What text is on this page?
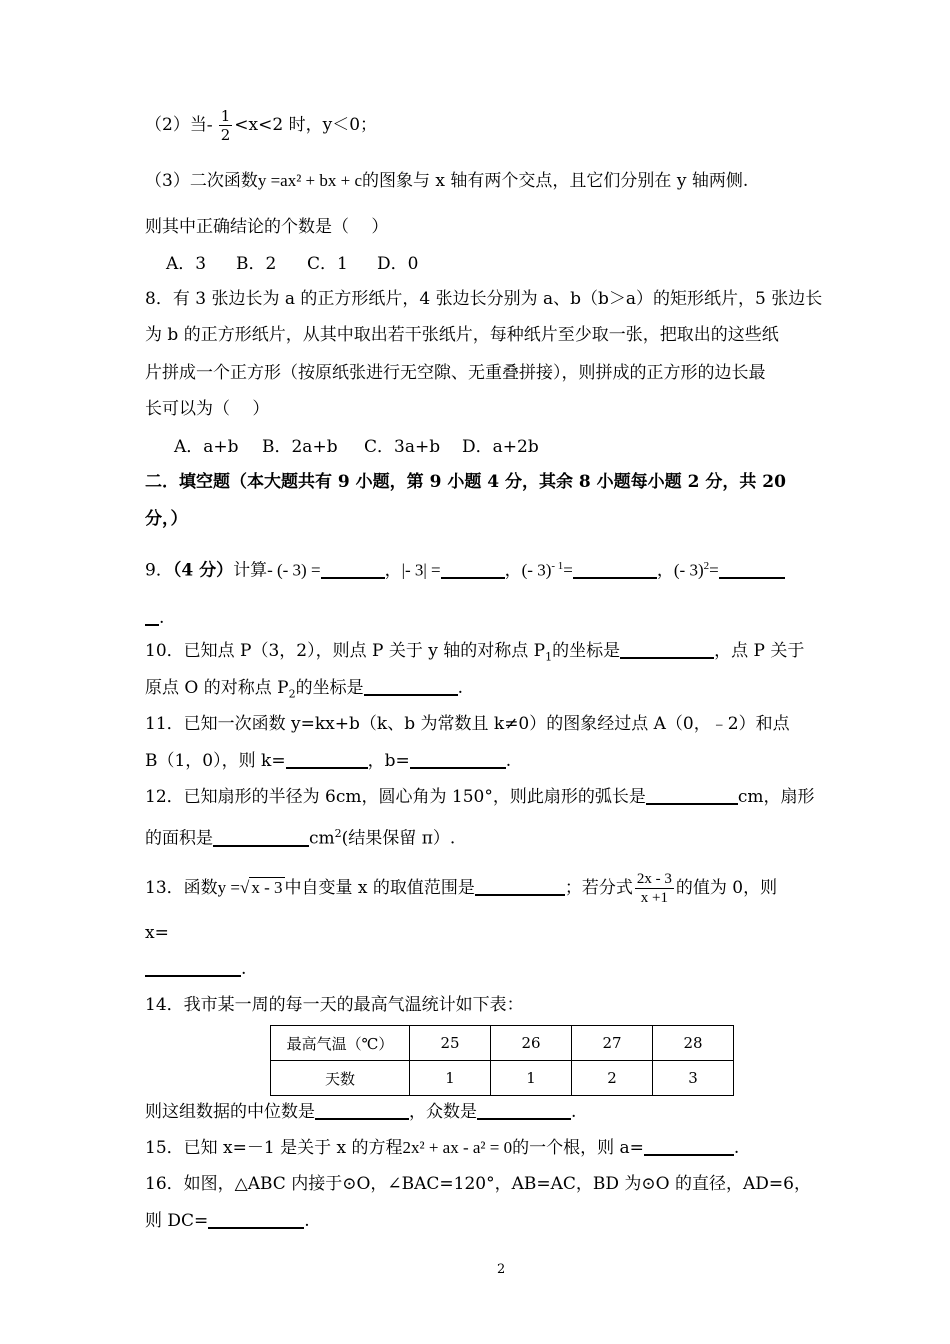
（2）当- $\frac{1}{2} <x<2$ 时，y＜0；
（3）二次函数y =ax² + bx + c的图象与 x 轴有两个交点，且它们分别在 y 轴两侧.
则其中正确结论的个数是（　 ）
A．3 B．2 C．1 D．0
8．有 3 张边长为 a 的正方形纸片，4 张边长分别为 a、b（b＞a）的矩形纸片，5 张边长
为 b 的正方形纸片，从其中取出若干张纸片，每种纸片至少取一张，把取出的这些纸
片拼成一个正方形（按原纸张进行无空隙、无重叠拼接），则拼成的正方形的边长最
长可以为（　 ）
A．a+b B．2a+b C．3a+b D．a+2b
二．填空题（本大题共有 9 小题，第 9 小题 4 分，其余 8 小题每小题 2 分，共 20
分，）
9．（4 分）计算- (- 3) =	，|- 3| =	，(- 3)$^{- 1}$=	，(- 3)$^2$=
.
10．已知点 P（3，2），则点 P 关于 y 轴的对称点 $P_1$的坐标是	，点 P 关于
原点 O 的对称点 $P_2$的坐标是	.
11．已知一次函数 y=kx+b（k、b 为常数且 k≠0）的图象经过点 A（0，﹣2）和点
B（1，0），则 k=	，b=	.
12．已知扇形的半径为 6cm，圆心角为 150°，则此扇形的弧长是	cm，扇形
的面积是	$cm^2$(结果保留 π）.
13．函数y =√ x - 3 中自变量 x 的取值范围是	；若分式 $\frac{2x - 3}{x +1}$ 的值为 0，则
x=
.
14．我市某一周的每一天的最高气温统计如下表：
最高气温（℃）	25	26	27	28
天数	1	1	2	3
则这组数据的中位数是	，众数是	.
15．已知 x=－1 是关于 x 的方程2x² + ax - a² = 0的一个根，则 a=	.
16．如图，△ABC 内接于⊙O，∠BAC=120°，AB=AC，BD 为⊙O 的直径，AD=6，
则 DC=	.
2
